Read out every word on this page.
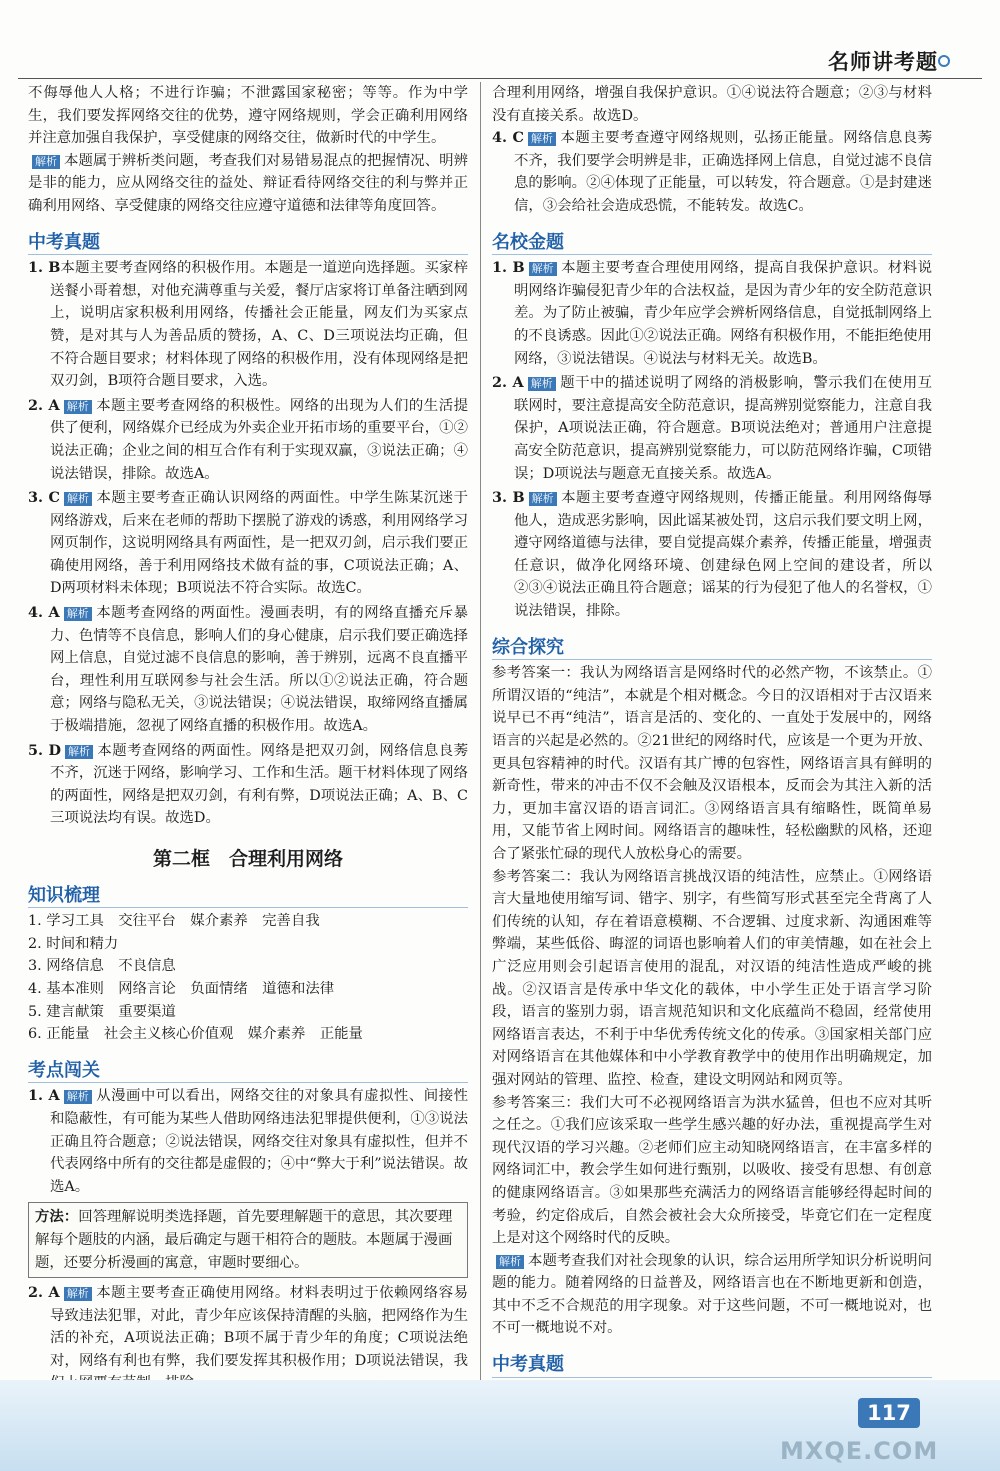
名师讲考题

不侮辱他人人格；不进行诈骗；不泄露国家秘密；等等。作为中学生，我们要发挥网络交往的优势，遵守网络规则，学会正确利用网络并注意加强自我保护，享受健康的网络交往，做新时代的中学生。

解析 本题属于辨析类问题，考查我们对易错易混点的把握情况、明辨是非的能力，应从网络交往的益处、辩证看待网络交往的利与弊并正确利用网络、享受健康的网络交往应遵守道德和法律等角度回答。

中考真题

1. B本题主要考查网络的积极作用。本题是一道逆向选择题。买家梓送餐小哥着想，对他充满尊重与关爱，餐厅店家将订单备注晒到网上，说明店家积极利用网络，传播社会正能量，网友们为买家点赞，是对其与人为善品质的赞扬，A、C、D三项说法均正确，但不符合题目要求；材料体现了网络的积极作用，没有体现网络是把双刃剑，B项符合题目要求，入选。

2. A 解析 本题主要考查网络的积极性。网络的出现为人们的生活提供了便利，网络媒介已经成为外卖企业开拓市场的重要平台，①②说法正确；企业之间的相互合作有利于实现双赢，③说法正确；④说法错误，排除。故选A。

3. C 解析 本题主要考查正确认识网络的两面性。中学生陈某沉迷于网络游戏，后来在老师的帮助下摆脱了游戏的诱惑，利用网络学习网页制作，这说明网络具有两面性，是一把双刃剑，启示我们要正确使用网络，善于利用网络技术做有益的事，C项说法正确；A、D两项材料未体现；B项说法不符合实际。故选C。

4. A 解析 本题考查网络的两面性。漫画表明，有的网络直播充斥暴力、色情等不良信息，影响人们的身心健康，启示我们要正确选择网上信息，自觉过滤不良信息的影响，善于辨别，远离不良直播平台，理性利用互联网参与社会生活。所以①②说法正确，符合题意；网络与隐私无关，③说法错误；④说法错误，取缔网络直播属于极端措施，忽视了网络直播的积极作用。故选A。

5. D 解析 本题考查网络的两面性。网络是把双刃剑，网络信息良莠不齐，沉迷于网络，影响学习、工作和生活。题干材料体现了网络的两面性，网络是把双刃剑，有利有弊，D项说法正确；A、B、C三项说法均有误。故选D。

第二框　合理利用网络
知识梳理
1. 学习工具　交往平台　媒介素养　完善自我
2. 时间和精力
3. 网络信息　不良信息
4. 基本准则　网络言论　负面情绪　道德和法律
5. 建言献策　重要渠道
6. 正能量　社会主义核心价值观　媒介素养　正能量
考点闯关

1. A 解析 从漫画中可以看出，网络交往的对象具有虚拟性、间接性和隐蔽性，有可能为某些人借助网络违法犯罪提供便利，①③说法正确且符合题意；②说法错误，网络交往对象具有虚拟性，但并不代表网络中所有的交往都是虚假的；④中“弊大于利”说法错误。故选A。

方法：回答理解说明类选择题，首先要理解题干的意思，其次要理解每个题肢的内涵，最后确定与题干相符合的题肢。本题属于漫画题，还要分析漫画的寓意，审题时要细心。

2. A 解析 本题主要考查正确使用网络。材料表明过于依赖网络容易导致违法犯罪，对此，青少年应该保持清醒的头脑，把网络作为生活的补充，A项说法正确；B项不属于青少年的角度；C项说法绝对，网络有利也有弊，我们要发挥其积极作用；D项说法错误，我

合理利用网络，增强自我保护意识。①④说法符合题意；②③与材料没有直接关系。故选D。

4. C 解析 本题主要考查遵守网络规则，弘扬正能量。网络信息良莠不齐，我们要学会明辨是非，正确选择网上信息，自觉过滤不良信息的影响。②④体现了正能量，可以转发，符合题意。①是封建迷信，③会给社会造成恐慌，不能转发。故选C。

名校金题

1. B 解析 本题主要考查合理使用网络，提高自我保护意识。材料说明网络诈骗侵犯青少年的合法权益，是因为青少年的安全防范意识差。为了防止被骗，青少年应学会辨析网络信息，自觉抵制网络上的不良诱惑。因此①②说法正确。网络有积极作用，不能拒绝使用网络，③说法错误。④说法与材料无关。故选B。

2. A 解析 题干中的描述说明了网络的消极影响，警示我们在使用互联网时，要注意提高安全防范意识，提高辨别觉察能力，注意自我保护，A项说法正确，符合题意。B项说法绝对；普通用户注意提高安全防范意识，提高辨别觉察能力，可以防范网络诈骗，C项错误；D项说法与题意无直接关系。故选A。

3. B 解析 本题主要考查遵守网络规则，传播正能量。利用网络侮辱他人，造成恶劣影响，因此谣某被处罚，这启示我们要文明上网，遵守网络道德与法律，要自觉提高媒介素养，传播正能量，增强责任意识，做净化网络环境、创建绿色网上空间的建设者，所以②③④说法正确且符合题意；谣某的行为侵犯了他人的名誉权，①说法错误，排除。

综合探究

参考答案一：我认为网络语言是网络时代的必然产物，不该禁止。①所谓汉语的“纯洁”，本就是个相对概念。今日的汉语相对于古汉语来说早已不再“纯洁”，语言是活的、变化的、一直处于发展中的，网络语言的兴起是必然的。②21世纪的网络时代，应该是一个更为开放、更具包容精神的时代。汉语有其广博的包容性，网络语言具有鲜明的新奇性，带来的冲击不仅不会触及汉语根本，反而会为其注入新的活力，更加丰富汉语的语言词汇。③网络语言具有缩略性，既简单易用，又能节省上网时间。网络语言的趣味性，轻松幽默的风格，还迎合了紧张忙碌的现代人放松身心的需要。

参考答案二：我认为网络语言挑战汉语的纯洁性，应禁止。①网络语言大量地使用缩写词、错字、别字，有些简写形式甚至完全背离了人们传统的认知，存在着语意模糊、不合逻辑、过度求新、沟通困难等弊端，某些低俗、晦涩的词语也影响着人们的审美情趣，如在社会上广泛应用则会引起语言使用的混乱，对汉语的纯洁性造成严峻的挑战。②汉语言是传承中华文化的载体，中小学生正处于语言学习阶段，语言的鉴别力弱，语言规范知识和文化底蕴尚不稳固，经常使用网络语言表达，不利于中华优秀传统文化的传承。③国家相关部门应对网络语言在其他媒体和中小学教育教学中的使用作出明确规定，加强对网站的管理、监控、检查，建设文明网站和网页等。

参考答案三：我们大可不必视网络语言为洪水猛兽，但也不应对其听之任之。①我们应该采取一些学生感兴趣的好办法，重视提高学生对现代汉语的学习兴趣。②老师们应主动知晓网络语言，在丰富多样的网络词汇中，教会学生如何进行甄别，以吸收、接受有思想、有创意的健康网络语言。③如果那些充满活力的网络语言能够经得起时间的考验，约定俗成后，自然会被社会大众所接受，毕竟它们在一定程度上是对这个网络时代的反映。

解析 本题考查我们对社会现象的认识，综合运用所学知识分析说明问题的能力。随着网络的日益普及，网络语言也在不断地更新和创造，其中不乏不合规范的用字现象。对于这些问题，不可一概地说对，也不可一概地说不对。

中考真题

117
MXQE.COM
